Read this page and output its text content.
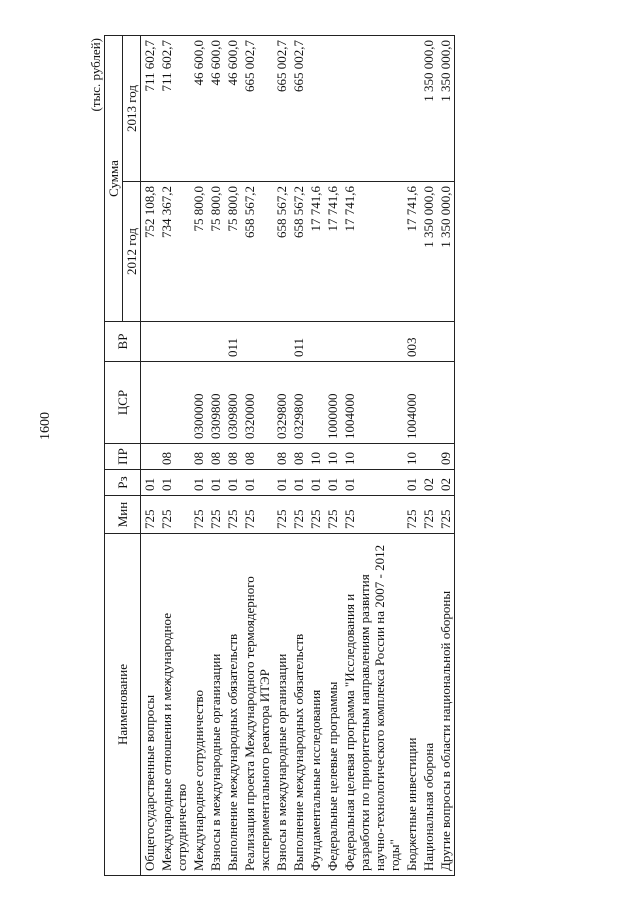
1600
(тыс. рублей)
Наименование	Мин	Рз	ПР	ЦСР	ВР	Сумма	
						2012 год	2013 год
Общегосударственные вопросы	725	01				752 108,8	711 602,7
Международные отношения и международное сотрудничество	725	01	08			734 367,2	711 602,7
Международное сотрудничество	725	01	08	0300000		75 800,0	46 600,0
Взносы в международные организации	725	01	08	0309800		75 800,0	46 600,0
Выполнение международных обязательств	725	01	08	0309800	011	75 800,0	46 600,0
Реализация проекта Международного термоядерного экспериментального реактора ИТЭР	725	01	08	0320000		658 567,2	665 002,7
Взносы в международные организации	725	01	08	0329800		658 567,2	665 002,7
Выполнение международных обязательств	725	01	08	0329800	011	658 567,2	665 002,7
Фундаментальные исследования	725	01	10			17 741,6	
Федеральные целевые программы	725	01	10	1000000		17 741,6	
Федеральная целевая программа "Исследования и разработки по приоритетным направлениям развития научно-технологического комплекса России на 2007 - 2012 годы"	725	01	10	1004000		17 741,6	
Бюджетные инвестиции	725	01	10	1004000	003	17 741,6	
Национальная оборона	725	02				1 350 000,0	1 350 000,0
Другие вопросы в области национальной обороны	725	02	09			1 350 000,0	1 350 000,0
